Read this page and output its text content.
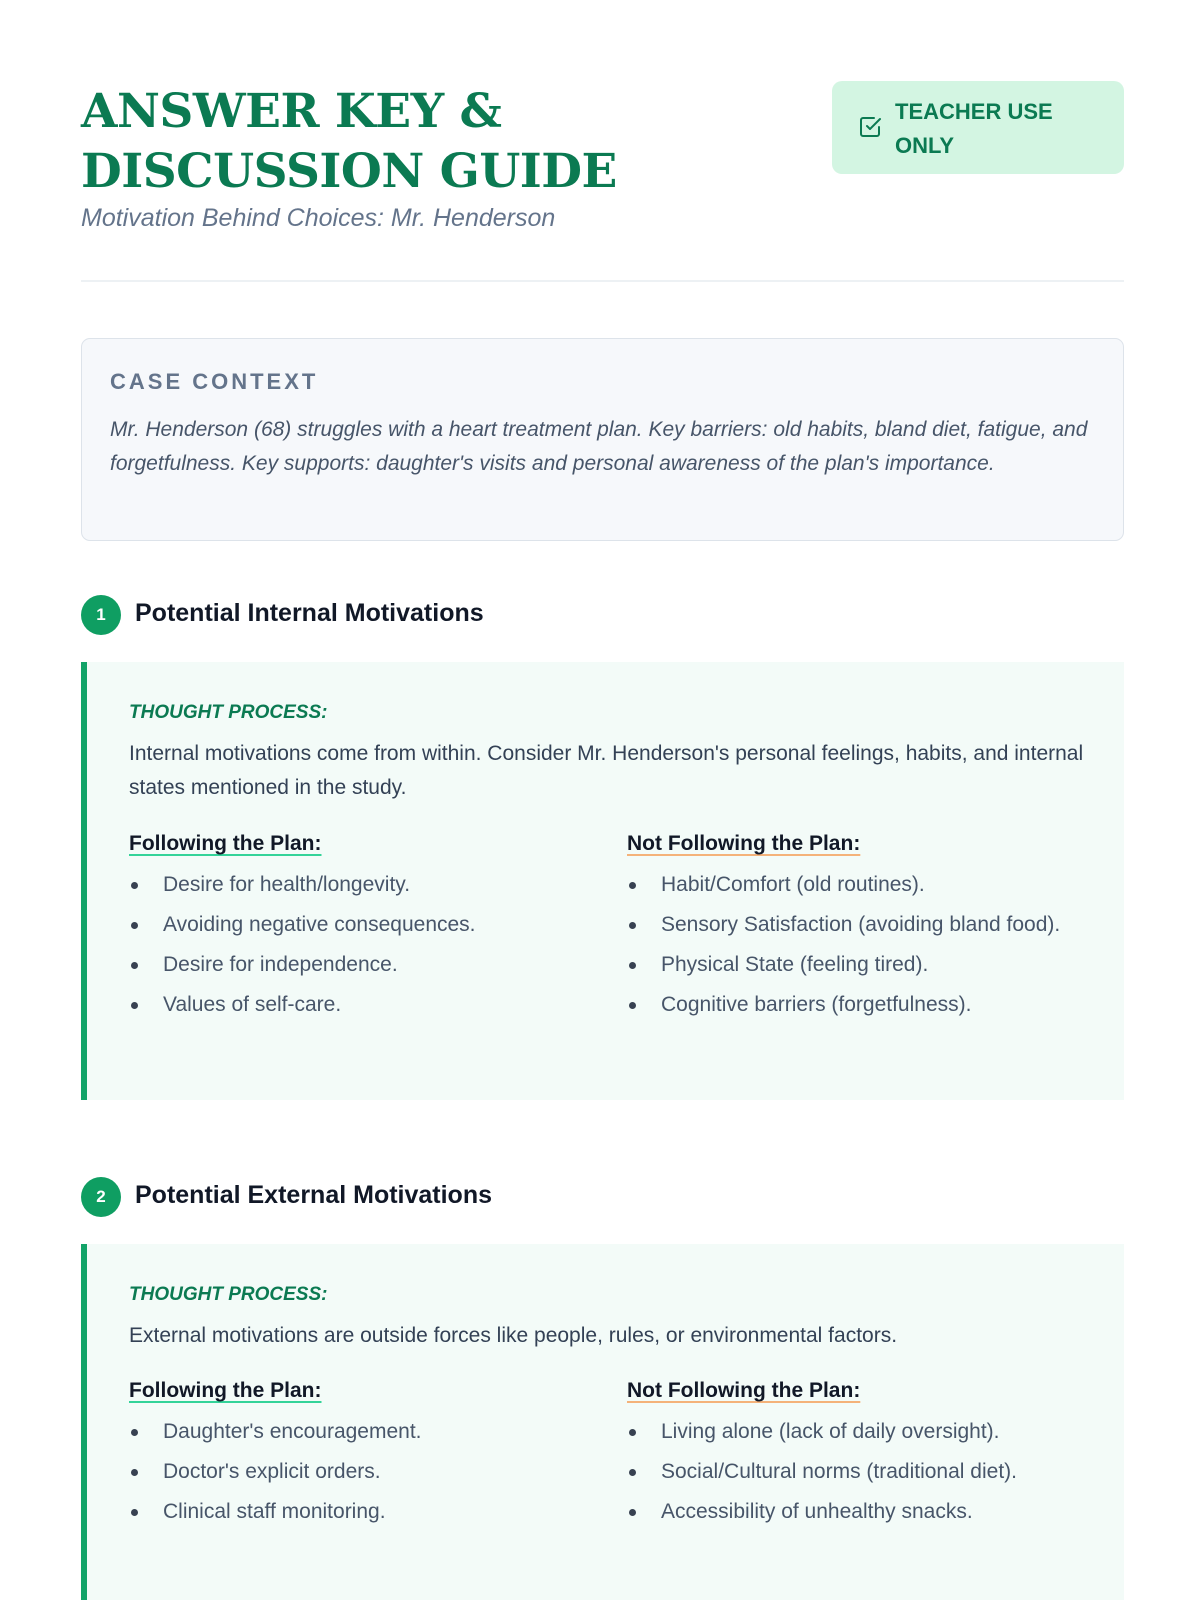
ANSWER KEY & DISCUSSION GUIDE
Motivation Behind Choices: Mr. Henderson
TEACHER USE ONLY
CASE CONTEXT

Mr. Henderson (68) struggles with a heart treatment plan. Key barriers: old habits, bland diet, fatigue, and forgetfulness. Key supports: daughter's visits and personal awareness of the plan's importance.

1	Potential Internal Motivations
THOUGHT PROCESS:

Internal motivations come from within. Consider Mr. Henderson's personal feelings, habits, and internal states mentioned in the study.

Following the Plan:
Desire for health/longevity.
Avoiding negative consequences.
Desire for independence.
Values of self-care.
Not Following the Plan:
Habit/Comfort (old routines).
Sensory Satisfaction (avoiding bland food).
Physical State (feeling tired).
Cognitive barriers (forgetfulness).
2	Potential External Motivations
THOUGHT PROCESS:

External motivations are outside forces like people, rules, or environmental factors.

Following the Plan:
Daughter's encouragement.
Doctor's explicit orders.
Clinical staff monitoring.
Not Following the Plan:
Living alone (lack of daily oversight).
Social/Cultural norms (traditional diet).
Accessibility of unhealthy snacks.
